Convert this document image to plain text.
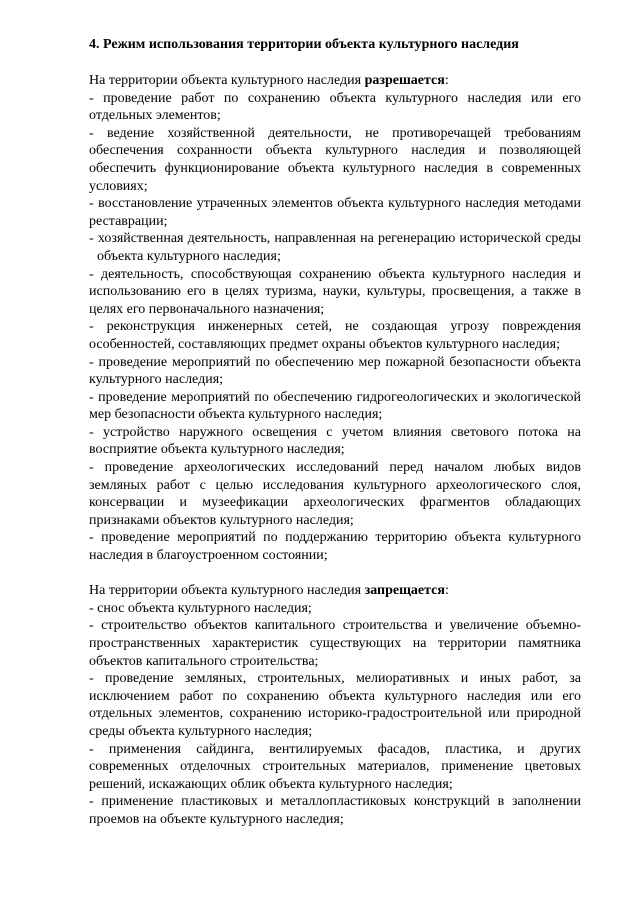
4. Режим использования территории объекта культурного наследия

На территории объекта культурного наследия разрешается:

- проведение работ по сохранению объекта культурного наследия или его отдельных элементов;

- ведение хозяйственной деятельности, не противоречащей требованиям обеспечения сохранности объекта культурного наследия и позволяющей обеспечить функционирование объекта культурного наследия в современных условиях;

- восстановление утраченных элементов объекта культурного наследия методами реставрации;

- хозяйственная деятельность, направленная на регенерацию исторической среды объекта культурного наследия;

- деятельность, способствующая сохранению объекта культурного наследия и использованию его в целях туризма, науки, культуры, просвещения, а также в целях его первоначального назначения;

- реконструкция инженерных сетей, не создающая угрозу повреждения особенностей, составляющих предмет охраны объектов культурного наследия;

- проведение мероприятий по обеспечению мер пожарной безопасности объекта культурного наследия;

- проведение мероприятий по обеспечению гидрогеологических и экологической мер безопасности объекта культурного наследия;

- устройство наружного освещения с учетом влияния светового потока на восприятие объекта культурного наследия;

- проведение археологических исследований перед началом любых видов земляных работ с целью исследования культурного археологического слоя, консервации и музеефикации археологических фрагментов обладающих признаками объектов культурного наследия;

- проведение мероприятий по поддержанию территорию объекта культурного наследия в благоустроенном состоянии;

На территории объекта культурного наследия запрещается:

- снос объекта культурного наследия;

- строительство объектов капитального строительства и увеличение объемно-пространственных характеристик существующих на территории памятника объектов капитального строительства;

- проведение земляных, строительных, мелиоративных и иных работ, за исключением работ по сохранению объекта культурного наследия или его отдельных элементов, сохранению историко-градостроительной или природной среды объекта культурного наследия;

- применения сайдинга, вентилируемых фасадов, пластика, и других современных отделочных строительных материалов, применение цветовых решений, искажающих облик объекта культурного наследия;

- применение пластиковых и металлопластиковых конструкций в заполнении проемов на объекте культурного наследия;
